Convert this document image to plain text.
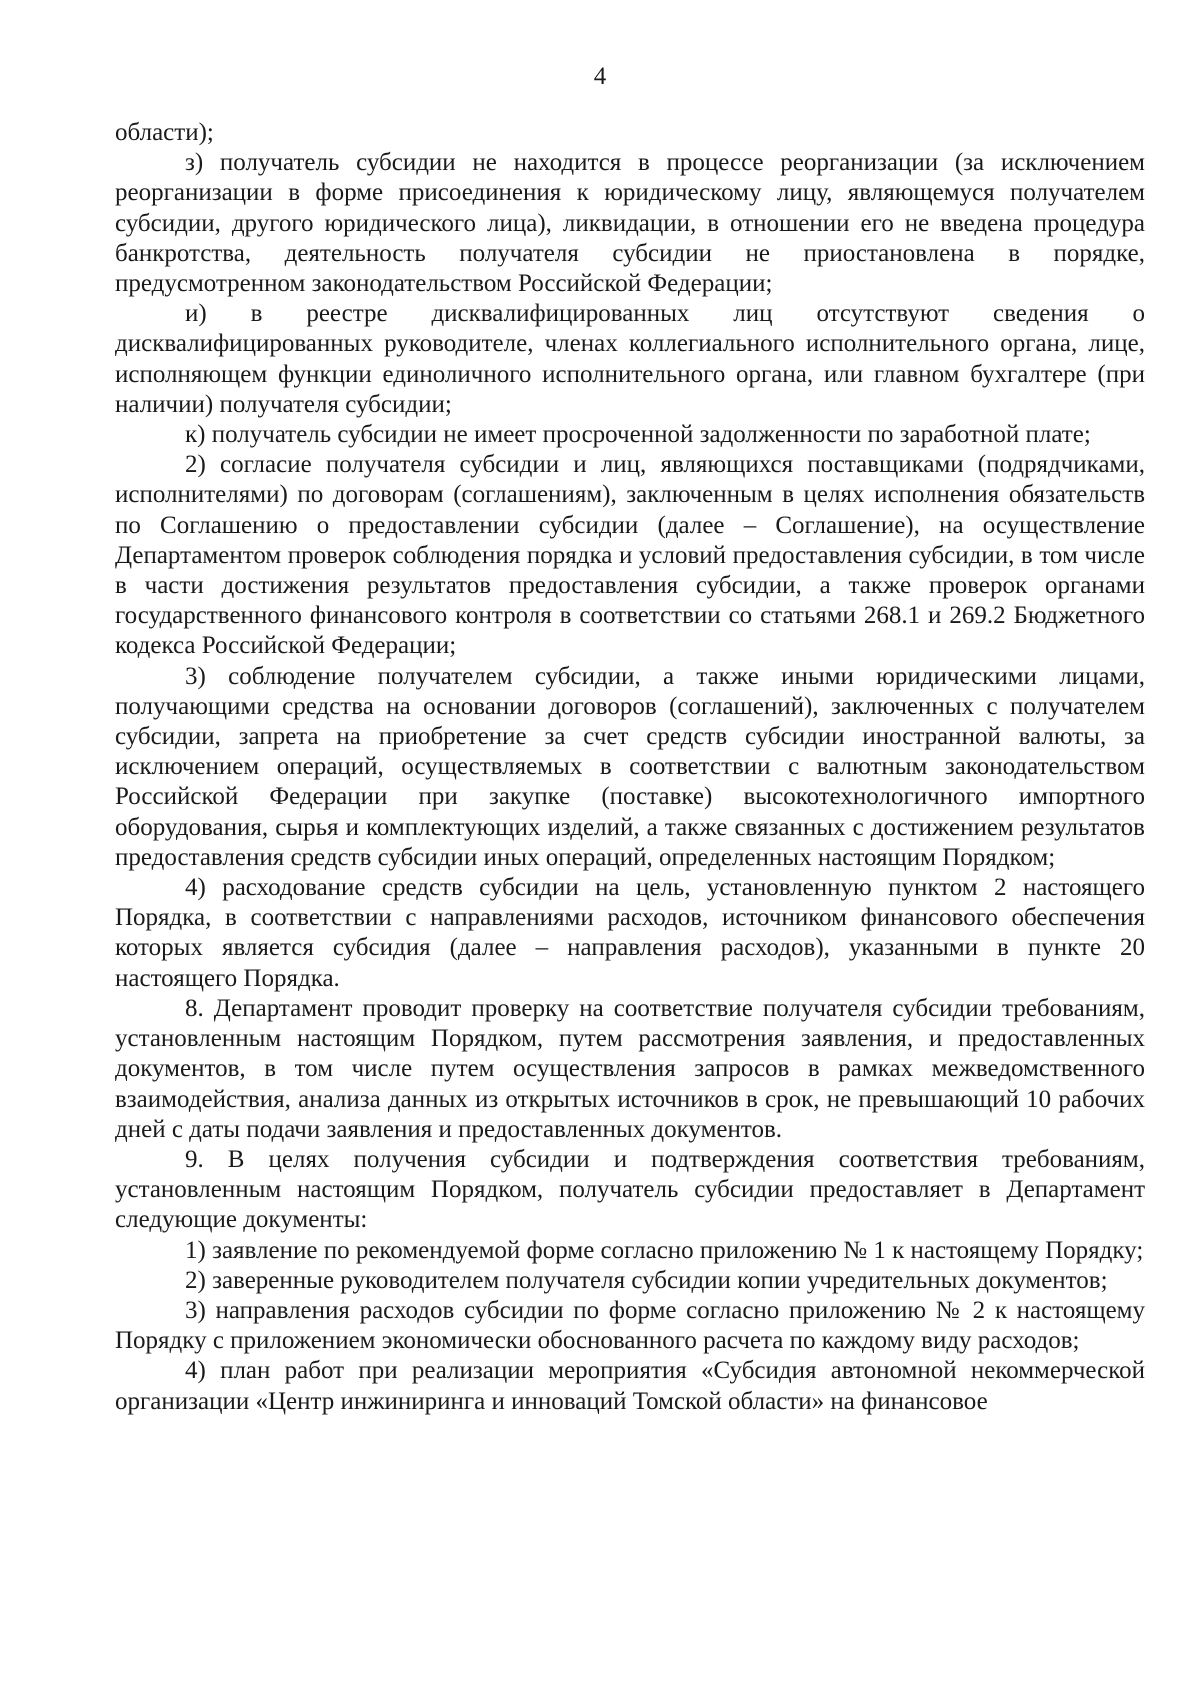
4

области);

з) получатель субсидии не находится в процессе реорганизации (за исключением реорганизации в форме присоединения к юридическому лицу, являющемуся получателем субсидии, другого юридического лица), ликвидации, в отношении его не введена процедура банкротства, деятельность получателя субсидии не приостановлена в порядке, предусмотренном законодательством Российской Федерации;

и) в реестре дисквалифицированных лиц отсутствуют сведения о дисквалифицированных руководителе, членах коллегиального исполнительного органа, лице, исполняющем функции единоличного исполнительного органа, или главном бухгалтере (при наличии) получателя субсидии;

к) получатель субсидии не имеет просроченной задолженности по заработной плате;

2) согласие получателя субсидии и лиц, являющихся поставщиками (подрядчиками, исполнителями) по договорам (соглашениям), заключенным в целях исполнения обязательств по Соглашению о предоставлении субсидии (далее – Соглашение), на осуществление Департаментом проверок соблюдения порядка и условий предоставления субсидии, в том числе в части достижения результатов предоставления субсидии, а также проверок органами государственного финансового контроля в соответствии со статьями 268.1 и 269.2 Бюджетного кодекса Российской Федерации;

3) соблюдение получателем субсидии, а также иными юридическими лицами, получающими средства на основании договоров (соглашений), заключенных с получателем субсидии, запрета на приобретение за счет средств субсидии иностранной валюты, за исключением операций, осуществляемых в соответствии с валютным законодательством Российской Федерации при закупке (поставке) высокотехнологичного импортного оборудования, сырья и комплектующих изделий, а также связанных с достижением результатов предоставления средств субсидии иных операций, определенных настоящим Порядком;

4) расходование средств субсидии на цель, установленную пунктом 2 настоящего Порядка, в соответствии с направлениями расходов, источником финансового обеспечения которых является субсидия (далее – направления расходов), указанными в пункте 20 настоящего Порядка.

8. Департамент проводит проверку на соответствие получателя субсидии требованиям, установленным настоящим Порядком, путем рассмотрения заявления, и предоставленных документов, в том числе путем осуществления запросов в рамках межведомственного взаимодействия, анализа данных из открытых источников в срок, не превышающий 10 рабочих дней с даты подачи заявления и предоставленных документов.

9. В целях получения субсидии и подтверждения соответствия требованиям, установленным настоящим Порядком, получатель субсидии предоставляет в Департамент следующие документы:

1) заявление по рекомендуемой форме согласно приложению № 1 к настоящему Порядку;

2) заверенные руководителем получателя субсидии копии учредительных документов;

3) направления расходов субсидии по форме согласно приложению № 2 к настоящему Порядку с приложением экономически обоснованного расчета по каждому виду расходов;

4) план работ при реализации мероприятия «Субсидия автономной некоммерческой организации «Центр инжиниринга и инноваций Томской области» на финансовое
